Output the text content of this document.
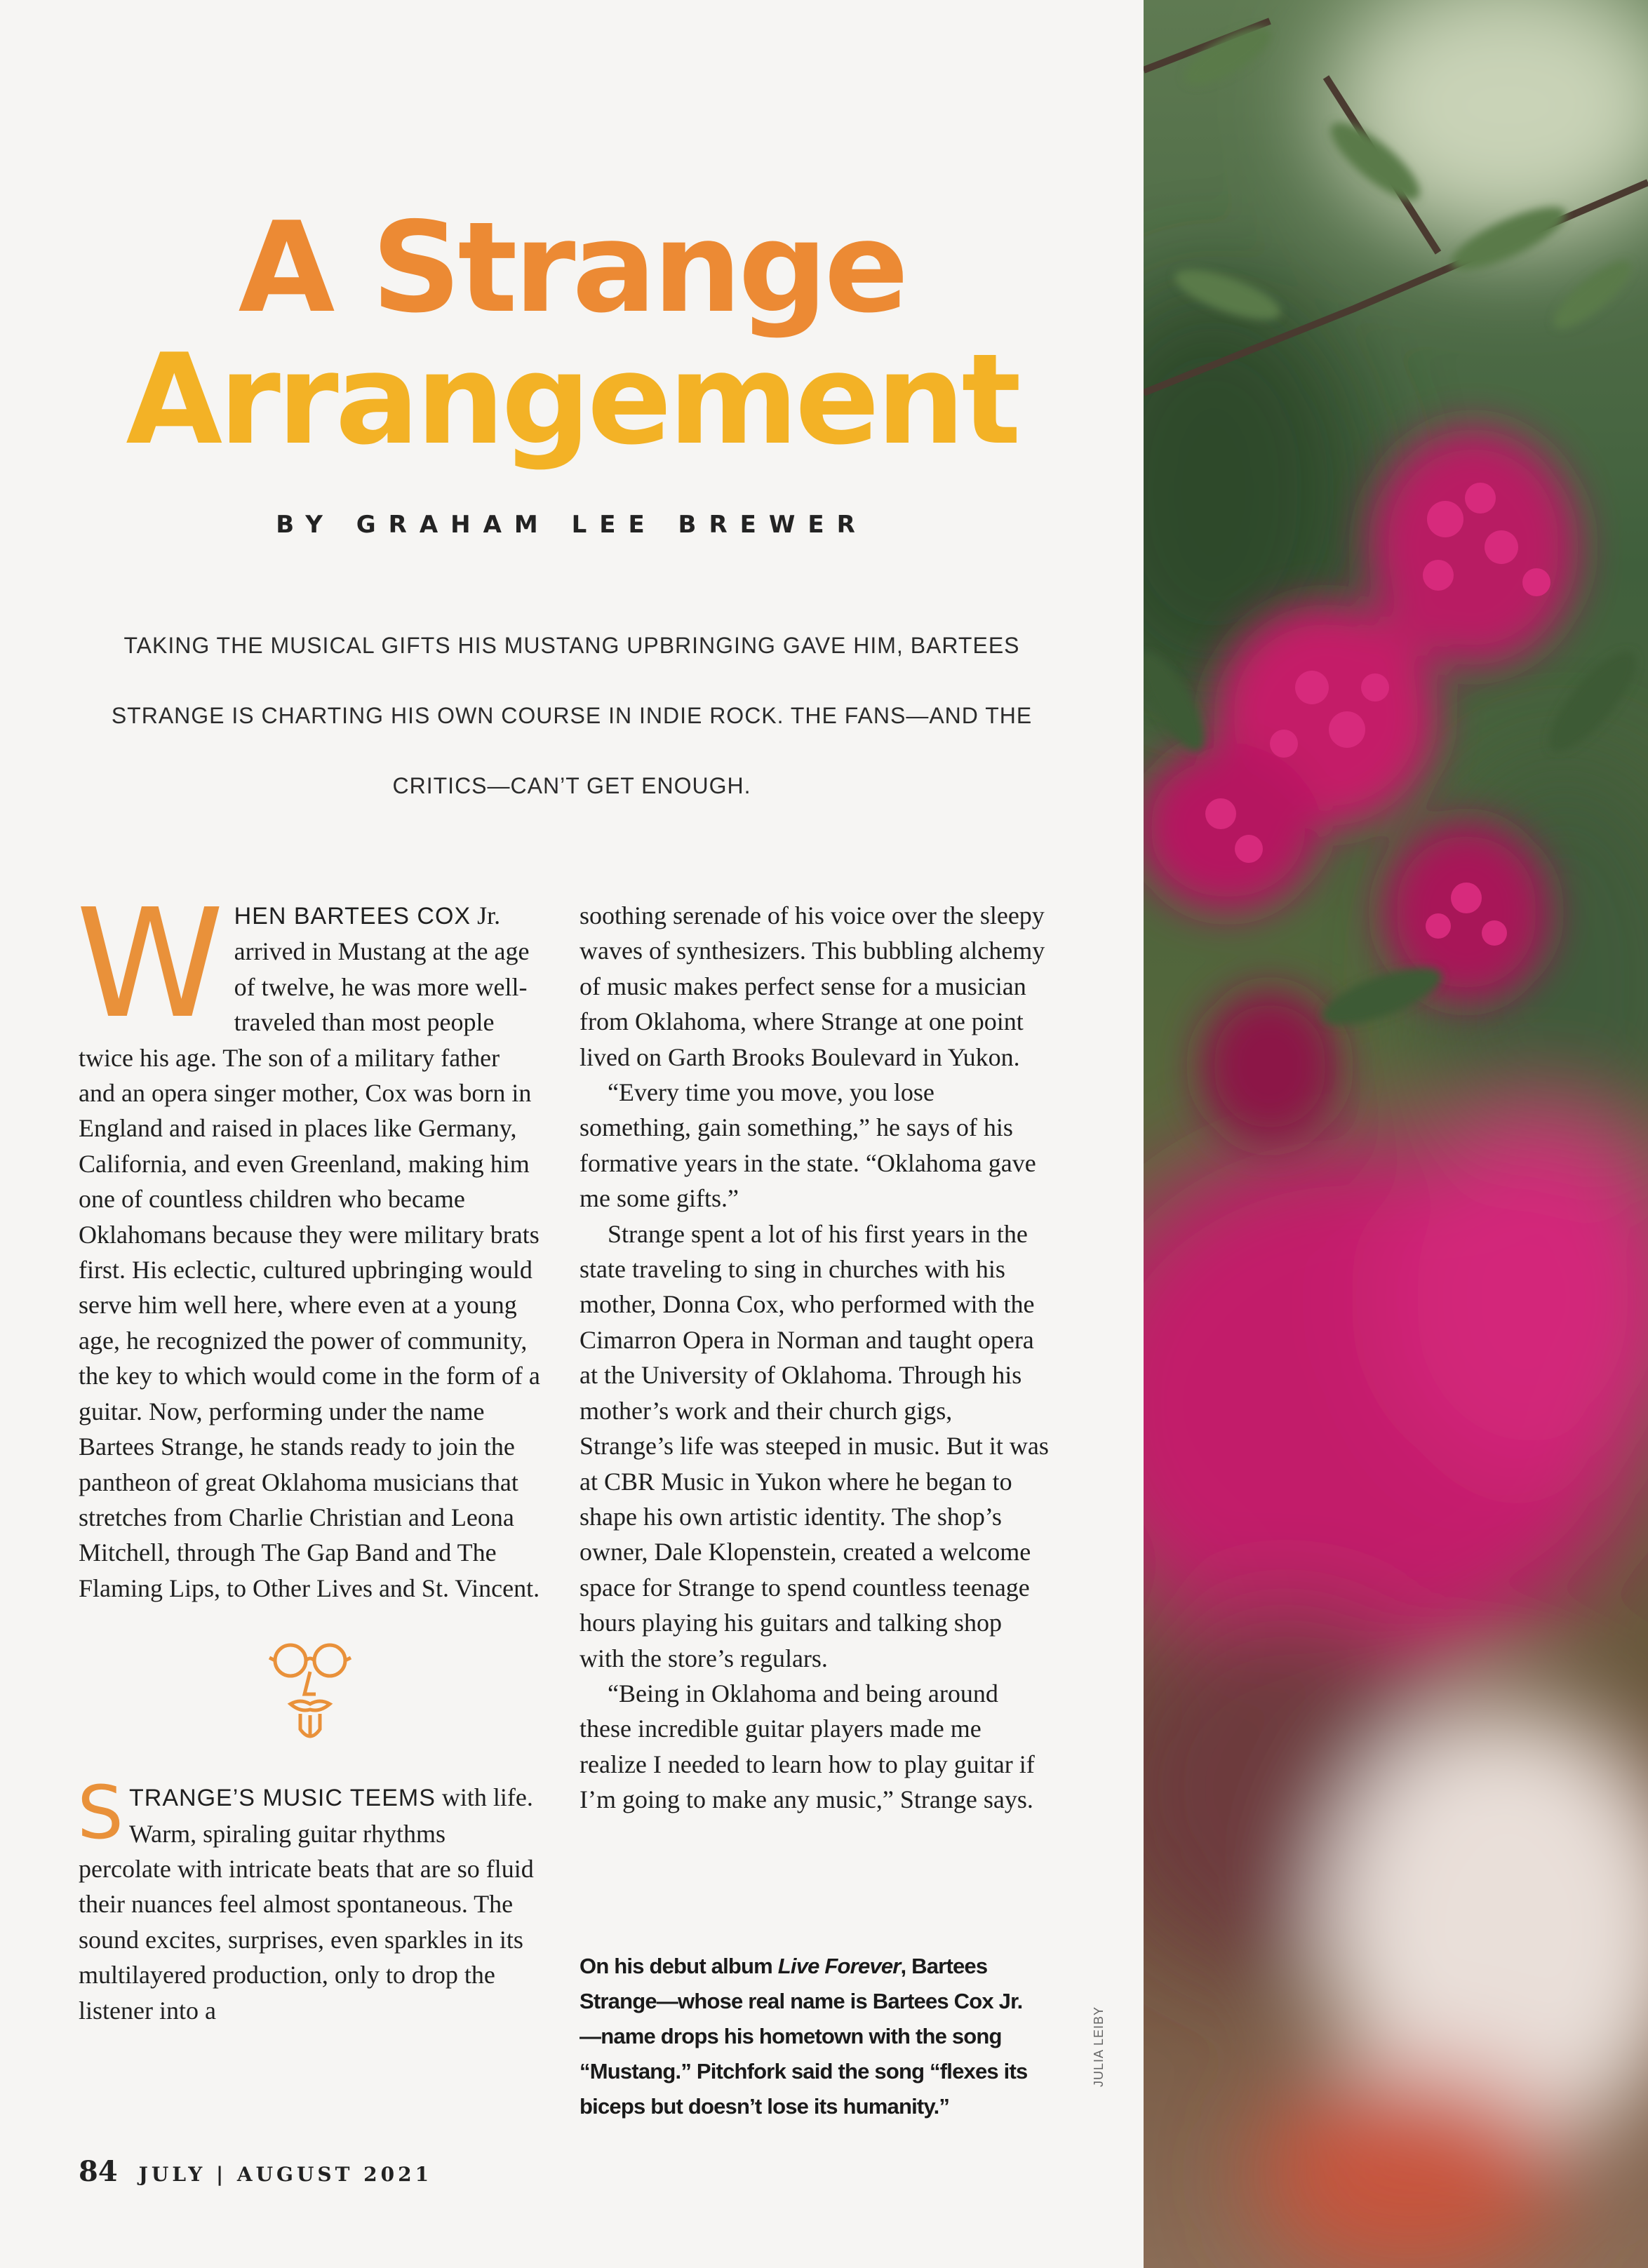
A Strange
Arrangement
BY GRAHAM LEE BREWER
TAKING THE MUSICAL GIFTS HIS MUSTANG UPBRINGING GAVE HIM, BARTEES STRANGE IS CHARTING HIS OWN COURSE IN INDIE ROCK. THE FANS—AND THE CRITICS—CAN’T GET ENOUGH.

WHEN BARTEES COX Jr. arrived in Mustang at the age of twelve, he was more well-traveled than most people twice his age. The son of a military father and an opera singer mother, Cox was born in England and raised in places like Germany, California, and even Greenland, making him one of countless children who became Oklahomans because they were military brats first. His eclectic, cultured upbringing would serve him well here, where even at a young age, he recognized the power of community, the key to which would come in the form of a guitar. Now, performing under the name Bartees Strange, he stands ready to join the pantheon of great Oklahoma musicians that stretches from Charlie Christian and Leona Mitchell, through The Gap Band and The Flaming Lips, to Other Lives and St. Vincent.

STRANGE’S MUSIC TEEMS with life. Warm, spiraling guitar rhythms percolate with intricate beats that are so fluid their nuances feel almost spontaneous. The sound excites, surprises, even sparkles in its multilayered production, only to drop the listener into a

soothing serenade of his voice over the sleepy waves of synthesizers. This bubbling alchemy of music makes perfect sense for a musician from Oklahoma, where Strange at one point lived on Garth Brooks Boulevard in Yukon.

“Every time you move, you lose something, gain something,” he says of his formative years in the state. “Oklahoma gave me some gifts.”

Strange spent a lot of his first years in the state traveling to sing in churches with his mother, Donna Cox, who performed with the Cimarron Opera in Norman and taught opera at the University of Oklahoma. Through his mother’s work and their church gigs, Strange’s life was steeped in music. But it was at CBR Music in Yukon where he began to shape his own artistic identity. The shop’s owner, Dale Klopenstein, created a welcome space for Strange to spend countless teenage hours playing his guitars and talking shop with the store’s regulars.

“Being in Oklahoma and being around these incredible guitar players made me realize I needed to learn how to play guitar if I’m going to make any music,” Strange says.

On his debut album Live Forever, Bartees Strange—whose real name is Bartees Cox Jr.—name drops his hometown with the song “Mustang.” Pitchfork said the song “flexes its biceps but doesn’t lose its humanity.”
84 JULY | AUGUST 2021
JULIA LEIBY
